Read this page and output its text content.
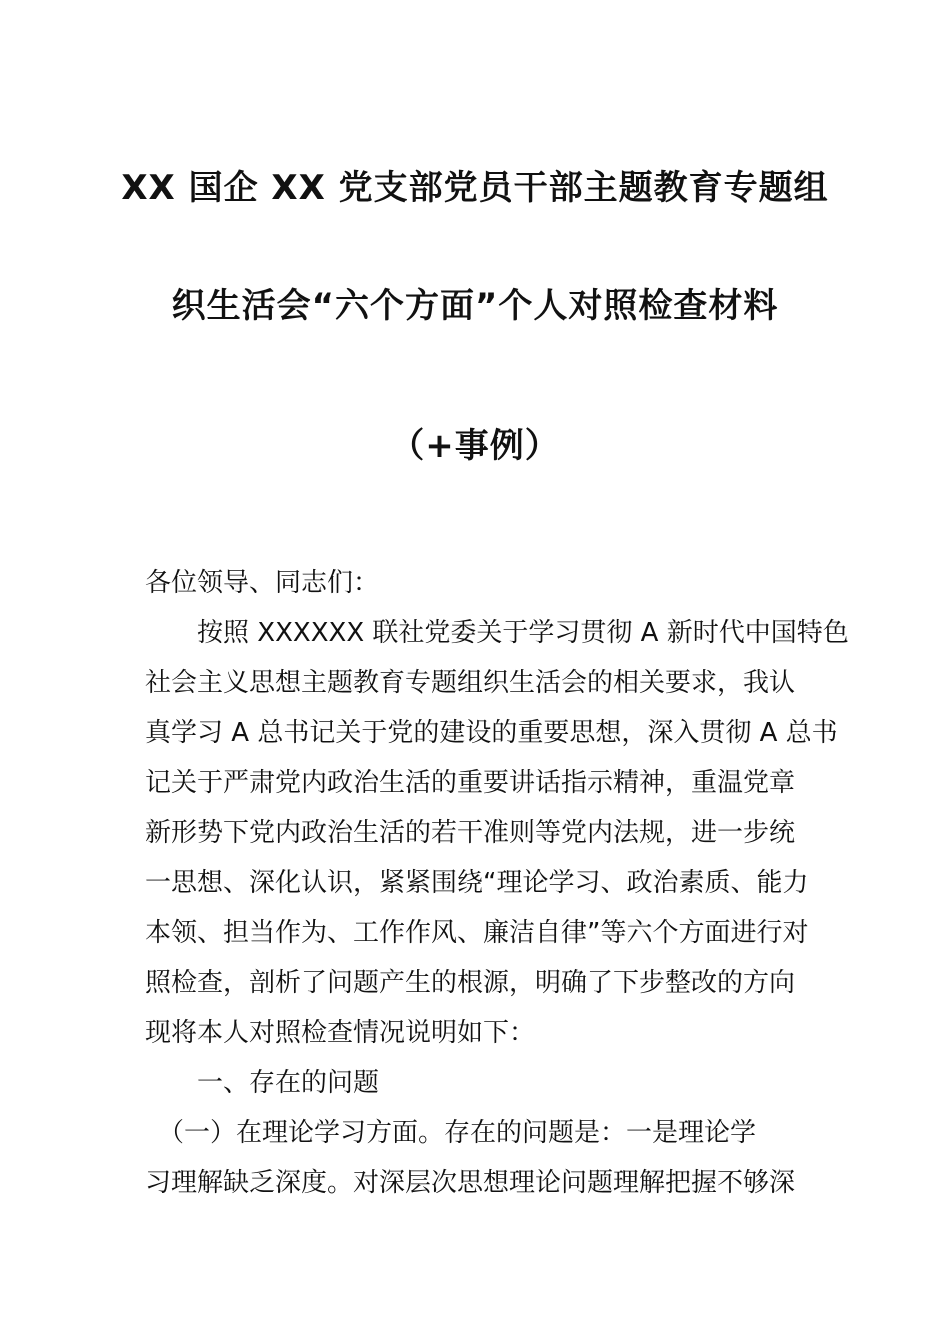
XX 国企 XX 党支部党员干部主题教育专题组
织生活会“六个方面”个人对照检查材料
（+事例）
各位领导、同志们：
　　按照 XXXXXX 联社党委关于学习贯彻 A 新时代中国特色
社会主义思想主题教育专题组织生活会的相关要求，我认
真学习 A 总书记关于党的建设的重要思想，深入贯彻 A 总书
记关于严肃党内政治生活的重要讲话指示精神，重温党章
新形势下党内政治生活的若干准则等党内法规，进一步统
一思想、深化认识，紧紧围绕“理论学习、政治素质、能力
本领、担当作为、工作作风、廉洁自律”等六个方面进行对
照检查，剖析了问题产生的根源，明确了下步整改的方向
现将本人对照检查情况说明如下：
一、存在的问题
　（一）在理论学习方面。存在的问题是：一是理论学
习理解缺乏深度。对深层次思想理论问题理解把握不够深
